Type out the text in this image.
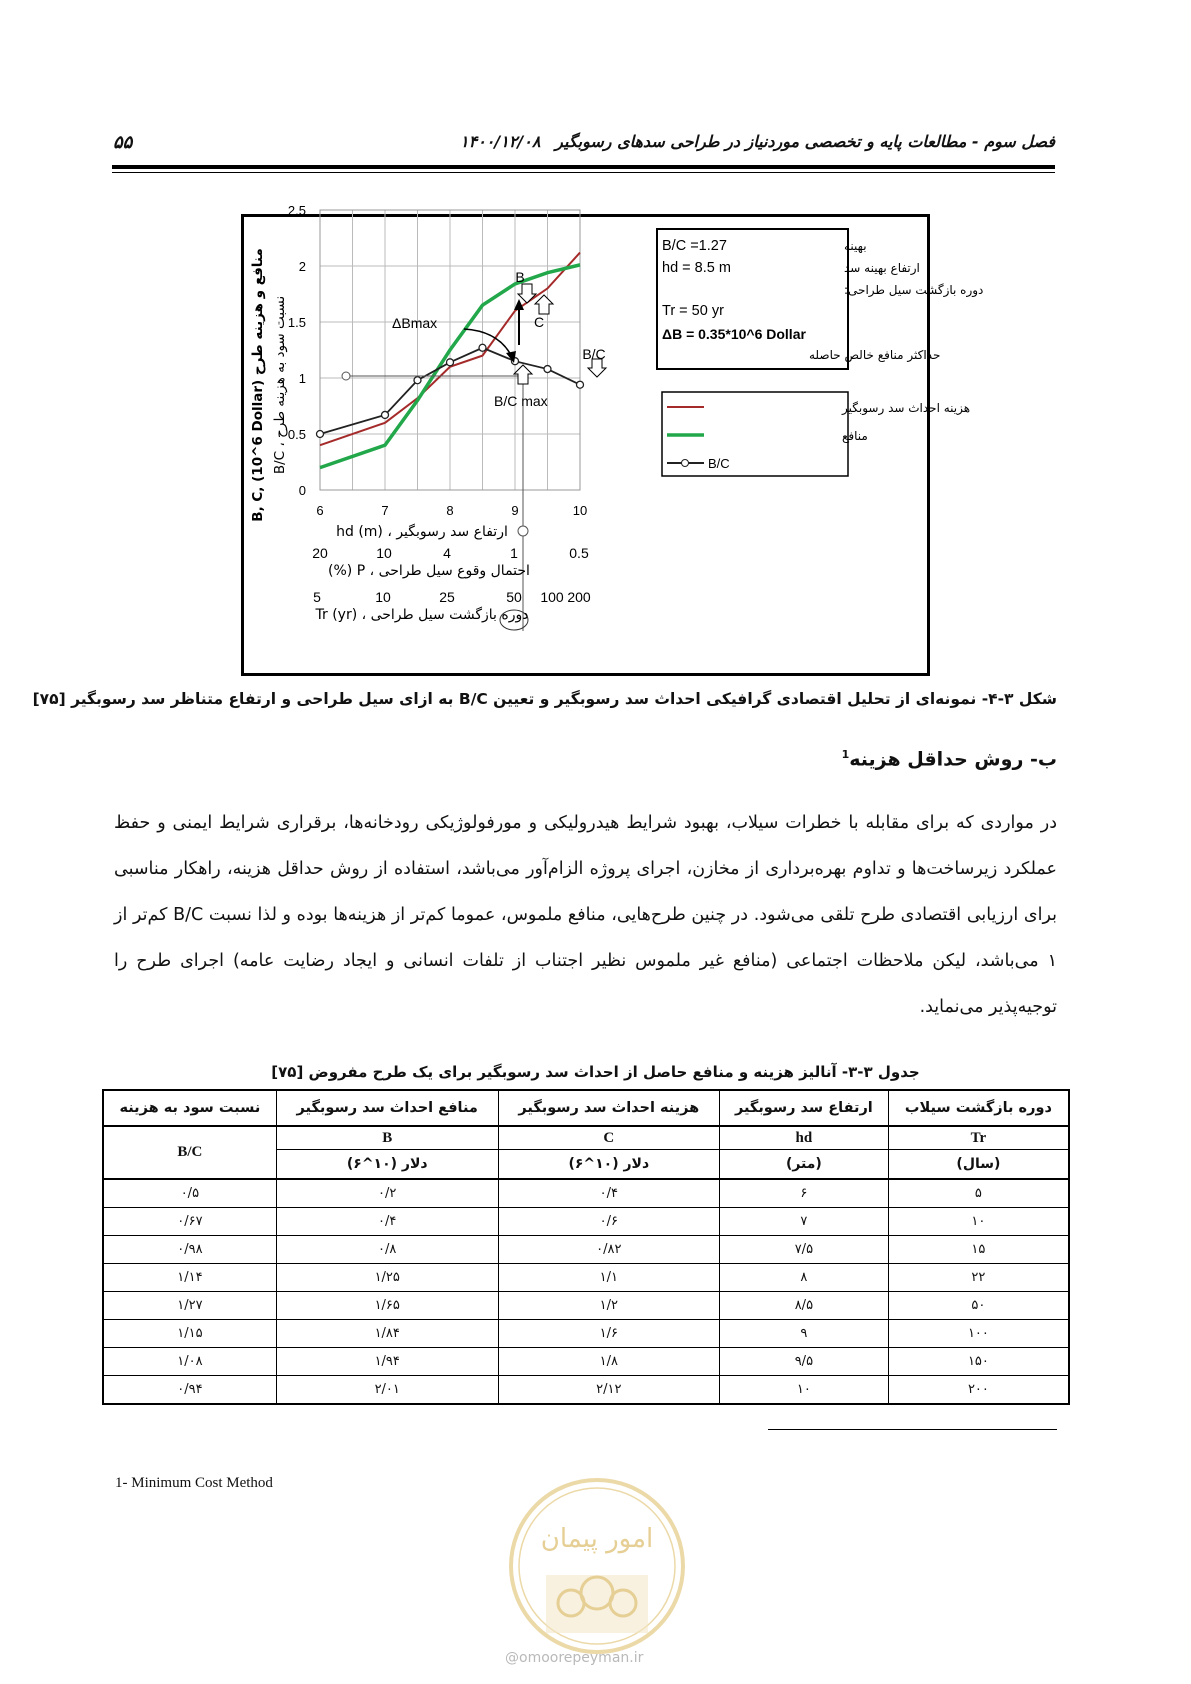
فصل سوم - مطالعات پایه و تخصصی موردنیاز در طراحی سدهای رسوبگیر
۱۴۰۰/۱۲/۰۸
۵۵
0
0.5
1
1.5
2
2.5
6	7	8	9	10
B
C
B/C
ΔBmax
B/C max
B, C, (10^6 Dollar) منافع و هزینه طرح
B/C ، نسبت سود به هزینه طرح
ارتفاع سد رسوبگیر ، hd (m)
احتمال وقوع سیل طراحی ، P (%)
دوره بازگشت سیل طراحی ، Tr (yr)
20	10	4	1	0.5
5	10	25	50 100 200
B/C =1.27	بهینه
hd = 8.5 m	ارتفاع بهینه سد
دوره بازگشت سیل طراحی:
Tr = 50 yr
ΔB = 0.35*10^6 Dollar
حداکثر منافع خالص حاصله
هزینه احداث سد رسوبگیر
منافع
B/C
شکل ۳-۴- نمونه‌ای از تحلیل اقتصادی گرافیکی احداث سد رسوبگیر و تعیین B/C به ازای سیل طراحی و ارتفاع متناظر سد رسوبگیر [۷۵]
ب- روش حداقل هزینه$^1$
در مواردی که برای مقابله با خطرات سیلاب، بهبود شرایط هیدرولیکی و مورفولوژیکی رودخانه‌ها، برقراری شرایط ایمنی و حفظ عملکرد زیرساخت‌ها و تداوم بهره‌برداری از مخازن، اجرای پروژه الزام‌آور می‌باشد، استفاده از روش حداقل هزینه، راهکار مناسبی برای ارزیابی اقتصادی طرح تلقی می‌شود. در چنین طرح‌هایی، منافع ملموس، عموما کم‌تر از هزینه‌ها بوده و لذا نسبت B/C کم‌تر از ۱ می‌باشد، لیکن ملاحظات اجتماعی (منافع غیر ملموس نظیر اجتناب از تلفات انسانی و ایجاد رضایت عامه) اجرای طرح را توجیه‌پذیر می‌نماید.
جدول ۳-۳- آنالیز هزینه و منافع حاصل از احداث سد رسوبگیر برای یک طرح مفروض [۷۵]
دوره بازگشت سیلاب	ارتفاع سد رسوبگیر	هزینه احداث سد رسوبگیر	منافع احداث سد رسوبگیر	نسبت سود به هزینه
Tr	hd	C	B	B/C
(سال)	(متر)	دلار (۱۰^۶)	دلار (۱۰^۶)	
۵	۶	۰/۴	۰/۲	۰/۵
۱۰	۷	۰/۶	۰/۴	۰/۶۷
۱۵	۷/۵	۰/۸۲	۰/۸	۰/۹۸
۲۲	۸	۱/۱	۱/۲۵	۱/۱۴
۵۰	۸/۵	۱/۲	۱/۶۵	۱/۲۷
۱۰۰	۹	۱/۶	۱/۸۴	۱/۱۵
۱۵۰	۹/۵	۱/۸	۱/۹۴	۱/۰۸
۲۰۰	۱۰	۲/۱۲	۲/۰۱	۰/۹۴
1- Minimum Cost Method
امور پیمان
@omoorepeyman.ir
